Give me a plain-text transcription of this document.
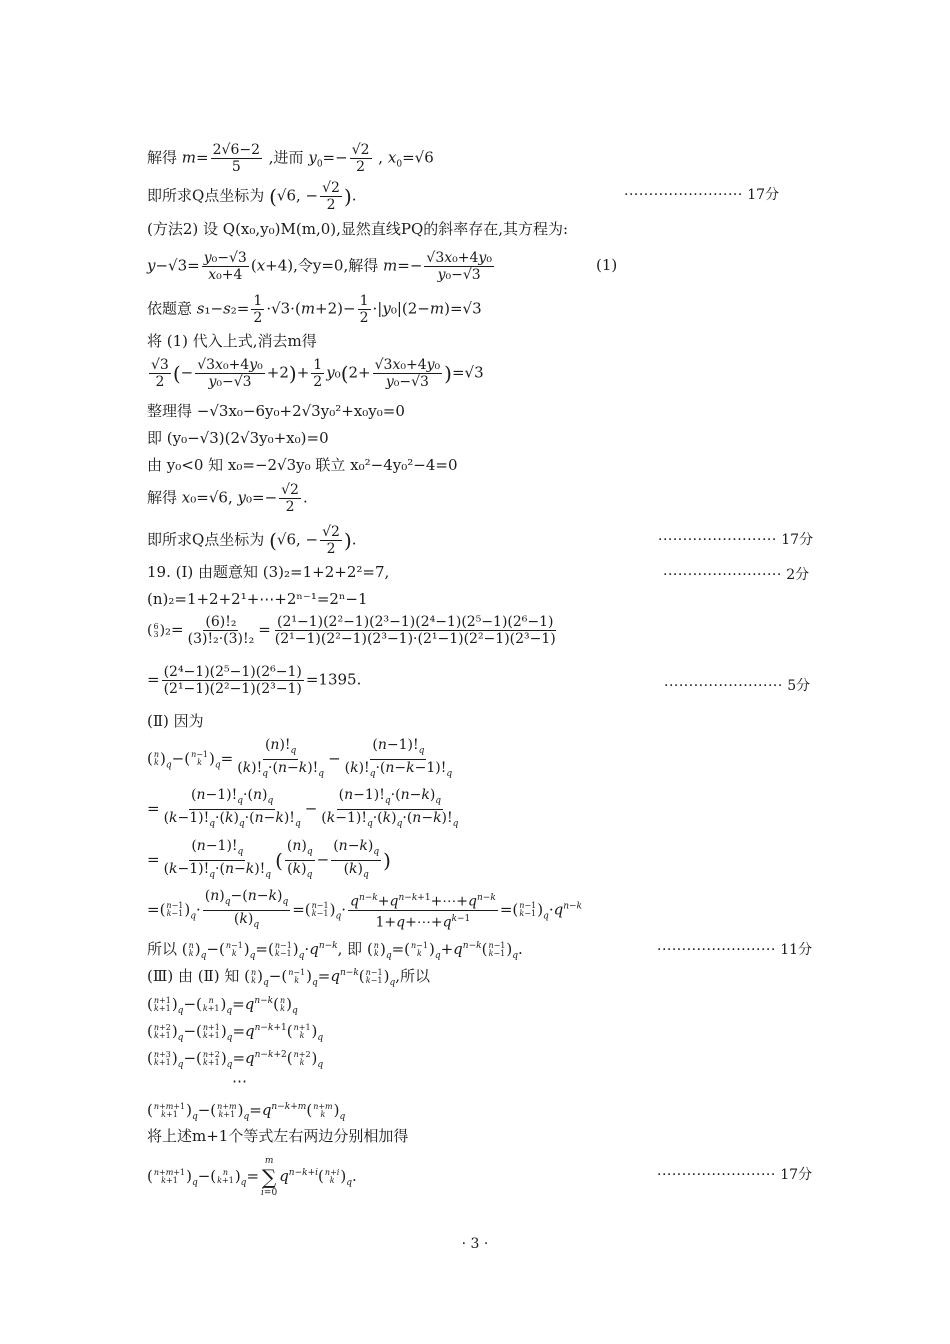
解得 $m= \frac{2√6-2}{5}$ ,进而 $y_0=- \frac{√2}{2}$ , $x_0=√6$
即所求Q点坐标为 (√6, − $\frac{√2}{2}$ ).	························ 17分
(方法2) 设 Q(x₀,y₀)M(m,0),显然直线PQ的斜率存在,其方程为:
$y-√3= \frac{\text{y₀−√3}}{\text{x₀+4}} (x+4)$,令y=0,解得 $m=- \frac{\text{√3x₀+4y₀}}{\text{y₀−√3}}$	(1)
依题意 $s_1-s_2= \frac{1}{2} \cdot√3\cdot(m+2)- \frac{1}{2} \cdot|y_0|(2-m)=√3$
将 (1) 代入上式,消去m得
$\frac{√3}{2}$ (− $\frac{\text{√3x₀+4y₀}}{\text{y₀−√3}} +2)+ \frac{1}{2} y_0(2+ \frac{\text{√3x₀+4y₀}}{\text{y₀−√3}} )=√3$
整理得 −√3x₀−6y₀+2√3y₀²+x₀y₀=0
即 (y₀−√3)(2√3y₀+x₀)=0
由 y₀<0 知 x₀=−2√3y₀ 联立 x₀²−4y₀²−4=0
解得 x₀=√6, $y_0=- \frac{√2}{2}$ .
即所求Q点坐标为 (√6, − $\frac{√2}{2}$ ).	························ 17分
19. (Ⅰ) 由题意知 (3)₂=1+2+2²=7,	························ 2分
(n)₂=1+2+2¹+⋯+2ⁿ⁻¹=2ⁿ−1
( 6
3 )$_2= \frac{\text{(6)!₂}}{\text{(3)!₂·(3)!₂}} = \frac{\text{(2¹−1)(2²−1)(2³−1)(2⁴−1)(2⁵−1)(2⁶−1)}}{\text{(2¹−1)(2²−1)(2³−1)·(2¹−1)(2²−1)(2³−1)}}$
= $\frac{\text{(2⁴−1)(2⁵−1)(2⁶−1)}}{\text{(2¹−1)(2²−1)(2³−1)}} =1395$.	························ 5分
(Ⅱ) 因为
( n
k )$_q-$( n−1
k )$_q= \frac{(n)!_q}{(k)!_q\cdot(n-k)!_q} - \frac{(n-1)!_q}{(k)!_q\cdot(n-k-1)!_q}$
= $\frac{(n-1)!_q\cdot(n)_q}{(k-1)!_q\cdot(k)_q\cdot(n-k)!_q} - \frac{(n-1)!_q\cdot(n-k)_q}{(k-1)!_q\cdot(k)_q\cdot(n-k)!_q}$
= $\frac{(n-1)!_q}{(k-1)!_q\cdot(n-k)!_q}$ ( $\frac{(n)_q}{(k)_q} - \frac{(n-k)_q}{(k)_q}$ )
=( n−1
k−1 )$_q\cdot \frac{(n)_q-(n-k)_q}{(k)_q}$ =( n−1
k−1 )$_q\cdot \frac{q^{n-k}+q^{n-k+1}+\cdots+q^{n-k}}{1+q+\cdots+q^{k-1}}$ =( n−1
k−1 )$_q\cdot q^{n-k}$
所以 ( n
k )$_q-$( n−1
k )$_q=$( n−1
k−1 )$_q\cdot q^{n-k}$, 即 ( n
k )$_q=$( n−1
k )$_q+q^{n-k}$( n−1
k−1 )$_q$.	························ 11分
(Ⅲ) 由 (Ⅱ) 知 ( n
k )$_q-$( n−1
k )$_q=q^{n-k}$( n−1
k−1 )$_q$,所以
( n+1
k+1 )$_q-$( n
k+1 )$_q=q^{n-k}$( n
k )$_q$
( n+2
k+1 )$_q-$( n+1
k+1 )$_q=q^{n-k+1}$( n+1
k )$_q$
( n+3
k+1 )$_q-$( n+2
k+1 )$_q=q^{n-k+2}$( n+2
k )$_q$
⋯
( n+m+1
k+1 )$_q-$( n+m
k+1 )$_q=q^{n-k+m}$( n+m
k )$_q$
将上述m+1个等式左右两边分别相加得
( n+m+1
k+1 )$_q-$( n
k+1 )$_q=$
m
∑
i=0
$q^{n-k+i}$( n+i
k )$_q$.	························ 17分
· 3 ·
